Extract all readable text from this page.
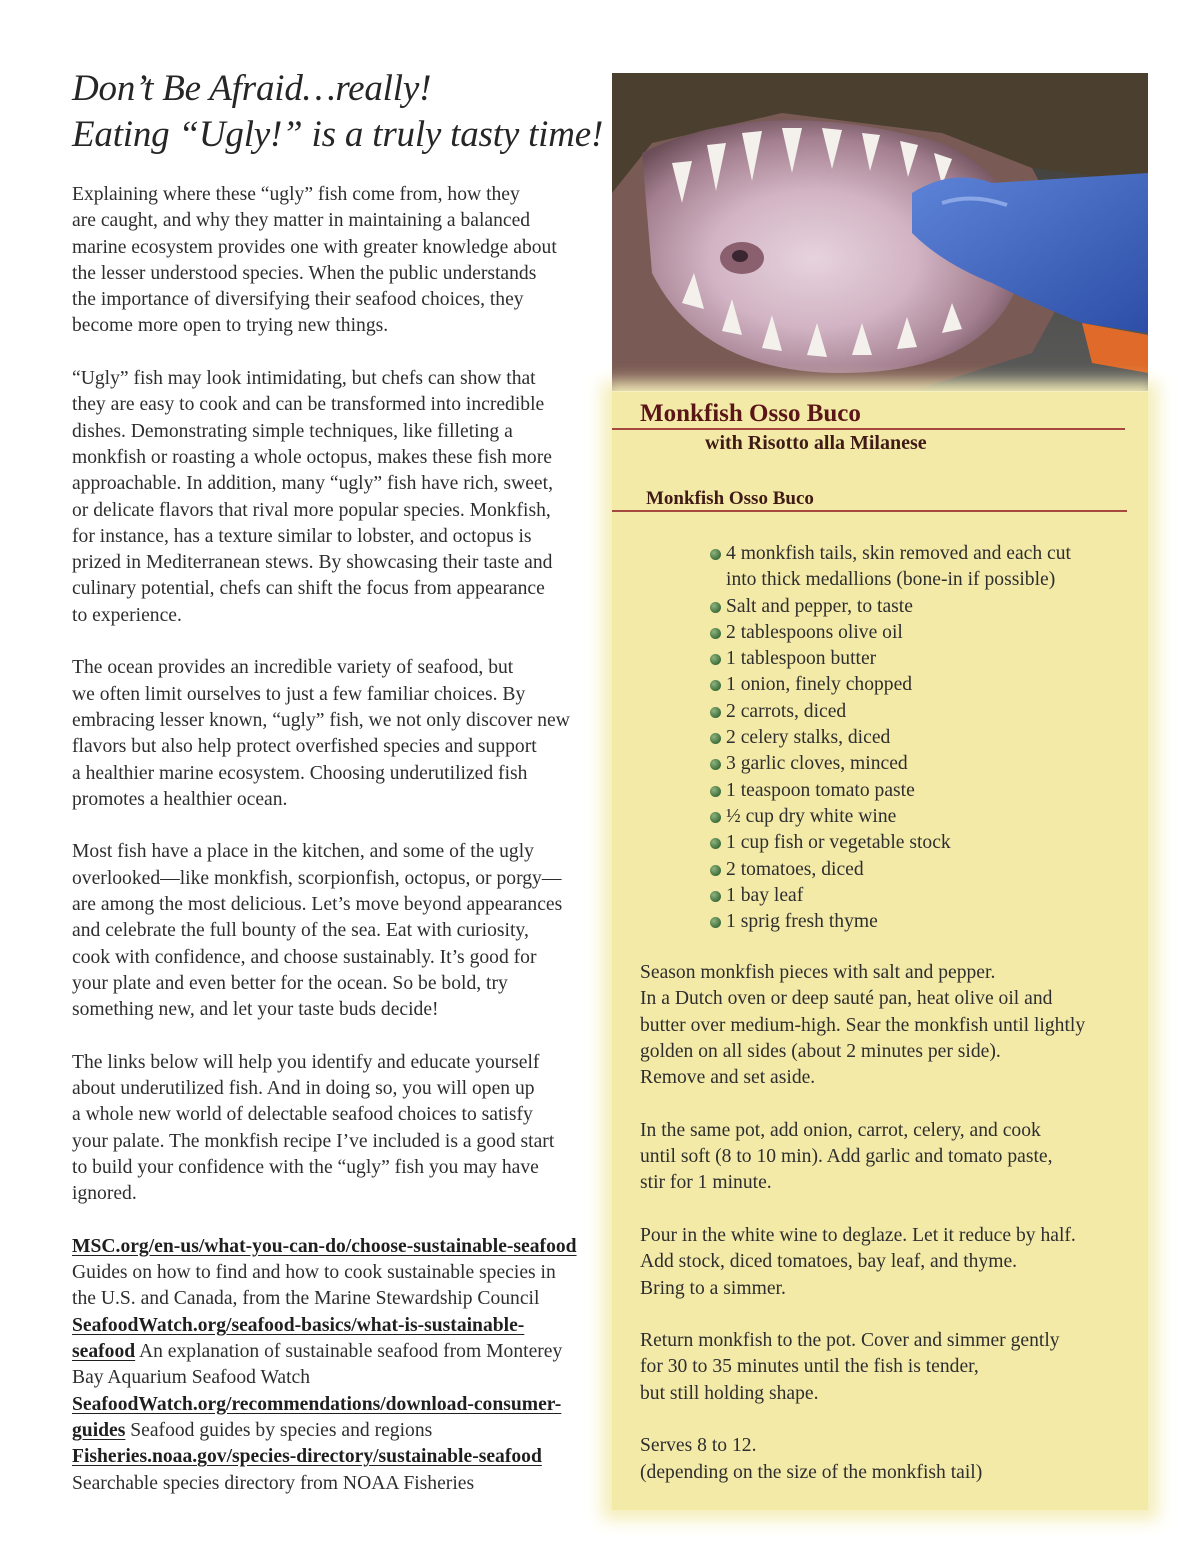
Don’t Be Afraid…really!
Eating “Ugly!” is a truly tasty time!
Explaining where these “ugly” fish come from, how they
are caught, and why they matter in maintaining a balanced
marine ecosystem provides one with greater knowledge about
the lesser understood species. When the public understands
the importance of diversifying their seafood choices, they
become more open to trying new things.
“Ugly” fish may look intimidating, but chefs can show that
they are easy to cook and can be transformed into incredible
dishes. Demonstrating simple techniques, like filleting a
monkfish or roasting a whole octopus, makes these fish more
approachable. In addition, many “ugly” fish have rich, sweet,
or delicate flavors that rival more popular species. Monkfish,
for instance, has a texture similar to lobster, and octopus is
prized in Mediterranean stews. By showcasing their taste and
culinary potential, chefs can shift the focus from appearance
to experience.
The ocean provides an incredible variety of seafood, but
we often limit ourselves to just a few familiar choices. By
embracing lesser known, “ugly” fish, we not only discover new
flavors but also help protect overfished species and support
a healthier marine ecosystem. Choosing underutilized fish
promotes a healthier ocean.
Most fish have a place in the kitchen, and some of the ugly
overlooked—like monkfish, scorpionfish, octopus, or porgy—
are among the most delicious. Let’s move beyond appearances
and celebrate the full bounty of the sea. Eat with curiosity,
cook with confidence, and choose sustainably. It’s good for
your plate and even better for the ocean. So be bold, try
something new, and let your taste buds decide!
The links below will help you identify and educate yourself
about underutilized fish. And in doing so, you will open up
a whole new world of delectable seafood choices to satisfy
your palate. The monkfish recipe I’ve included is a good start
to build your confidence with the “ugly” fish you may have
ignored.
MSC.org/en-us/what-you-can-do/choose-sustainable-seafood
Guides on how to find and how to cook sustainable species in
the U.S. and Canada, from the Marine Stewardship Council
SeafoodWatch.org/seafood-basics/what-is-sustainable-
seafood An explanation of sustainable seafood from Monterey
Bay Aquarium Seafood Watch
SeafoodWatch.org/recommendations/download-consumer-
guides Seafood guides by species and regions
Fisheries.noaa.gov/species-directory/sustainable-seafood
Searchable species directory from NOAA Fisheries
Monkfish Osso Buco
with Risotto alla Milanese
Monkfish Osso Buco
4 monkfish tails, skin removed and each cut
into thick medallions (bone-in if possible)
Salt and pepper, to taste
2 tablespoons olive oil
1 tablespoon butter
1 onion, finely chopped
2 carrots, diced
2 celery stalks, diced
3 garlic cloves, minced
1 teaspoon tomato paste
½ cup dry white wine
1 cup fish or vegetable stock
2 tomatoes, diced
1 bay leaf
1 sprig fresh thyme
Season monkfish pieces with salt and pepper.
In a Dutch oven or deep sauté pan, heat olive oil and
butter over medium-high. Sear the monkfish until lightly
golden on all sides (about 2 minutes per side).
Remove and set aside.
In the same pot, add onion, carrot, celery, and cook
until soft (8 to 10 min). Add garlic and tomato paste,
stir for 1 minute.
Pour in the white wine to deglaze. Let it reduce by half.
Add stock, diced tomatoes, bay leaf, and thyme.
Bring to a simmer.
Return monkfish to the pot. Cover and simmer gently
for 30 to 35 minutes until the fish is tender,
but still holding shape.
Serves 8 to 12.
(depending on the size of the monkfish tail)
